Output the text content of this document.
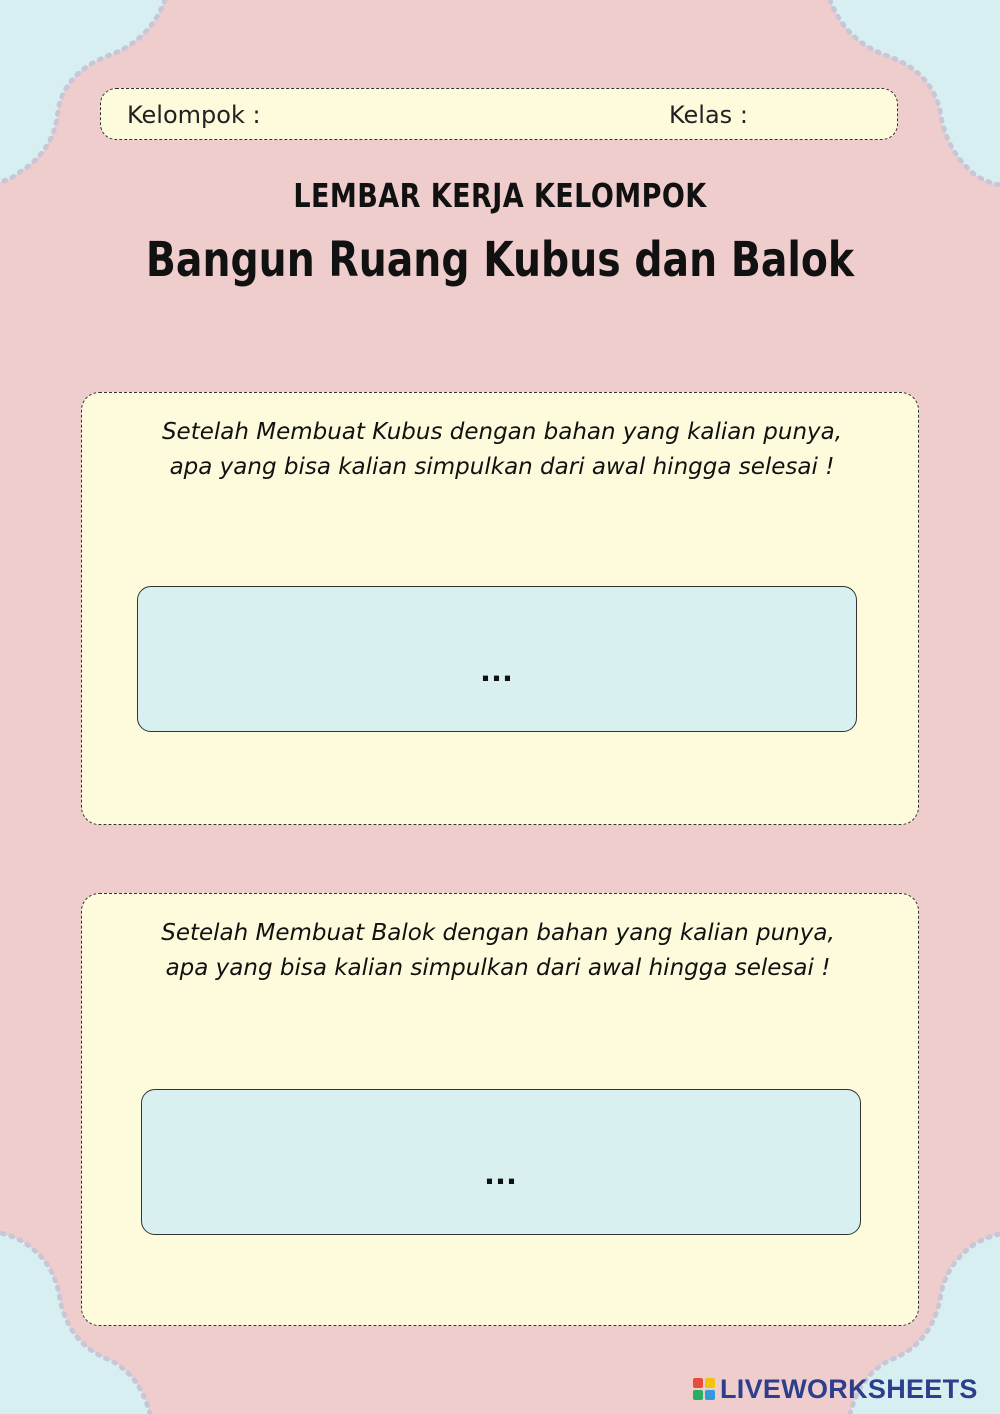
Kelompok :	Kelas :
LEMBAR KERJA KELOMPOK
Bangun Ruang Kubus dan Balok
Setelah Membuat Kubus dengan bahan yang kalian punya, apa yang bisa kalian simpulkan dari awal hingga selesai !
...
Setelah Membuat Balok dengan bahan yang kalian punya, apa yang bisa kalian simpulkan dari awal hingga selesai !
...
LIVEWORKSHEETS
